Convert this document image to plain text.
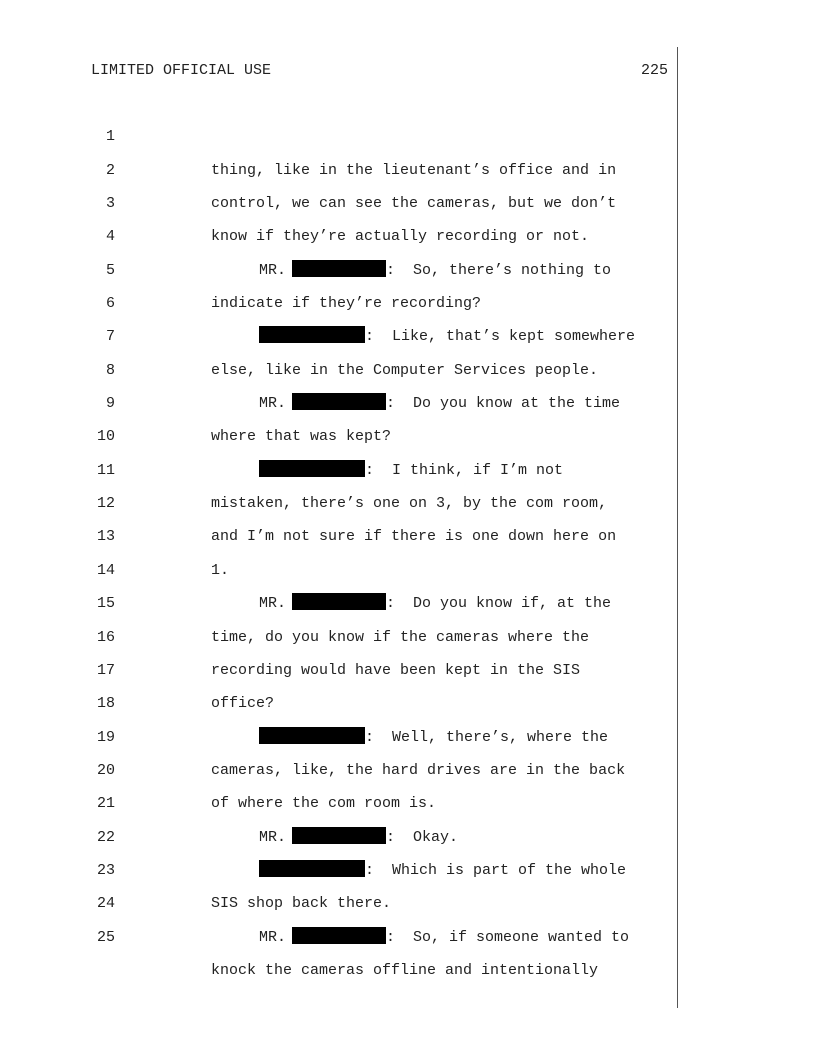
LIMITED OFFICIAL USE	225

1

thing, like in the lieutenant’s office and in

2

control, we can see the cameras, but we don’t

3

know if they’re actually recording or not.

4

MR.	:  So, there’s nothing to

5

indicate if they’re recording?

6

:  Like, that’s kept somewhere

7

else, like in the Computer Services people.

8

MR.	:  Do you know at the time

9

where that was kept?

10

:  I think, if I’m not

11

mistaken, there’s one on 3, by the com room,

12

and I’m not sure if there is one down here on

13

1.

14

MR.	:  Do you know if, at the

15

time, do you know if the cameras where the

16

recording would have been kept in the SIS

17

office?

18

:  Well, there’s, where the

19

cameras, like, the hard drives are in the back

20

of where the com room is.

21

MR.	:  Okay.

22

:  Which is part of the whole

23

SIS shop back there.

24

MR.	:  So, if someone wanted to

25

knock the cameras offline and intentionally
